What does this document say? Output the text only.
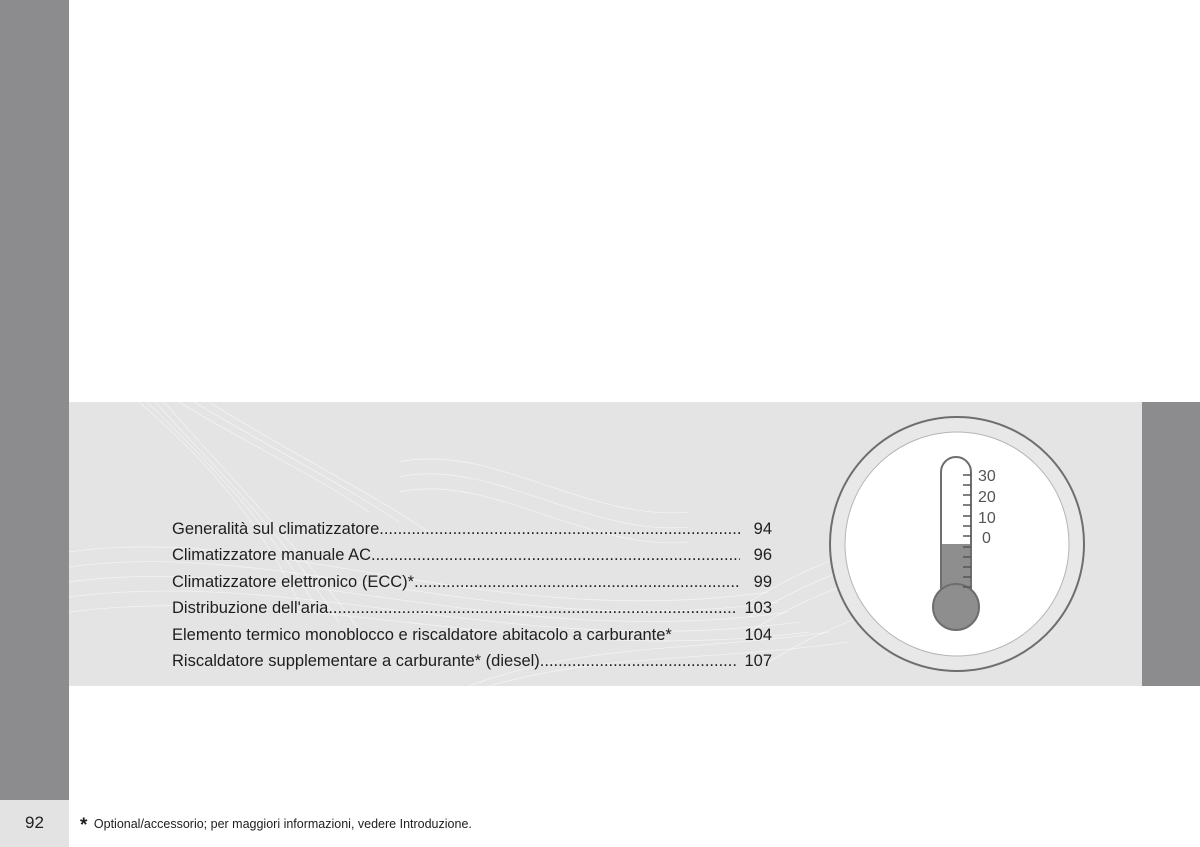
92
Generalità sul climatizzatore .....	94
Climatizzatore manuale AC .....	96
Climatizzatore elettronico (ECC)* .....	99
Distribuzione dell'aria .....	103
Elemento termico monoblocco e riscaldatore abitacolo a carburante*	104
Riscaldatore supplementare a carburante* (diesel) .....	107
30
20
10
0
* Optional/accessorio; per maggiori informazioni, vedere Introduzione.
